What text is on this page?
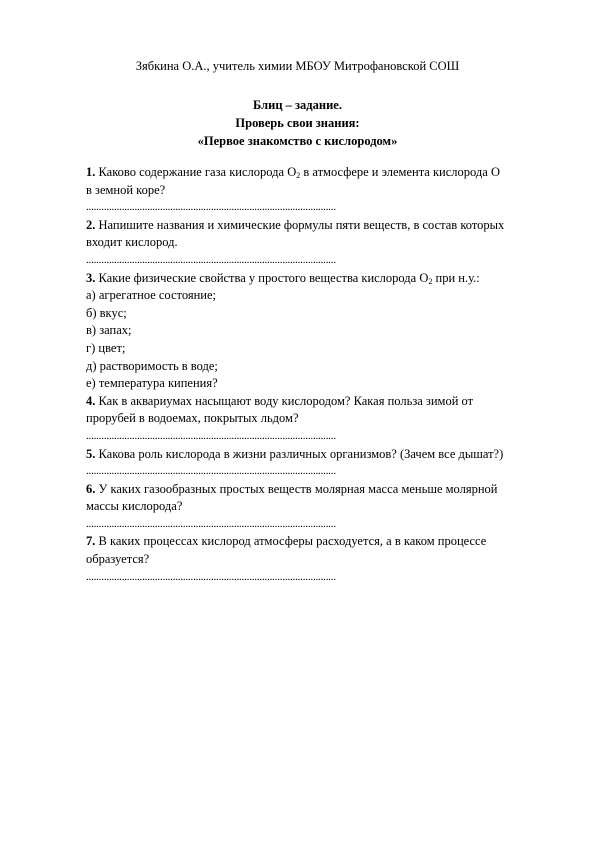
Зябкина О.А., учитель химии МБОУ Митрофановской СОШ
Блиц – задание.
Проверь свои знания:
«Первое знакомство с кислородом»
1. Каково содержание газа кислорода $О_2$ в атмосфере и элемента кислорода О
в земной коре?
..................................................................................................
2. Напишите названия и химические формулы пяти веществ, в состав которых
входит кислород.
..................................................................................................
3. Какие физические свойства у простого вещества кислорода $О_2$ при н.у.:
а) агрегатное состояние;
б) вкус;
в) запах;
г) цвет;
д) растворимость в воде;
е) температура кипения?
4. Как в аквариумах насыщают воду кислородом? Какая польза зимой от
прорубей в водоемах, покрытых льдом?
..................................................................................................
5. Какова роль кислорода в жизни различных организмов? (Зачем все дышат?)
..................................................................................................
6. У каких газообразных простых веществ молярная масса меньше молярной
массы кислорода?
..................................................................................................
7. В каких процессах кислород атмосферы расходуется, а в каком процессе
образуется?
..................................................................................................
